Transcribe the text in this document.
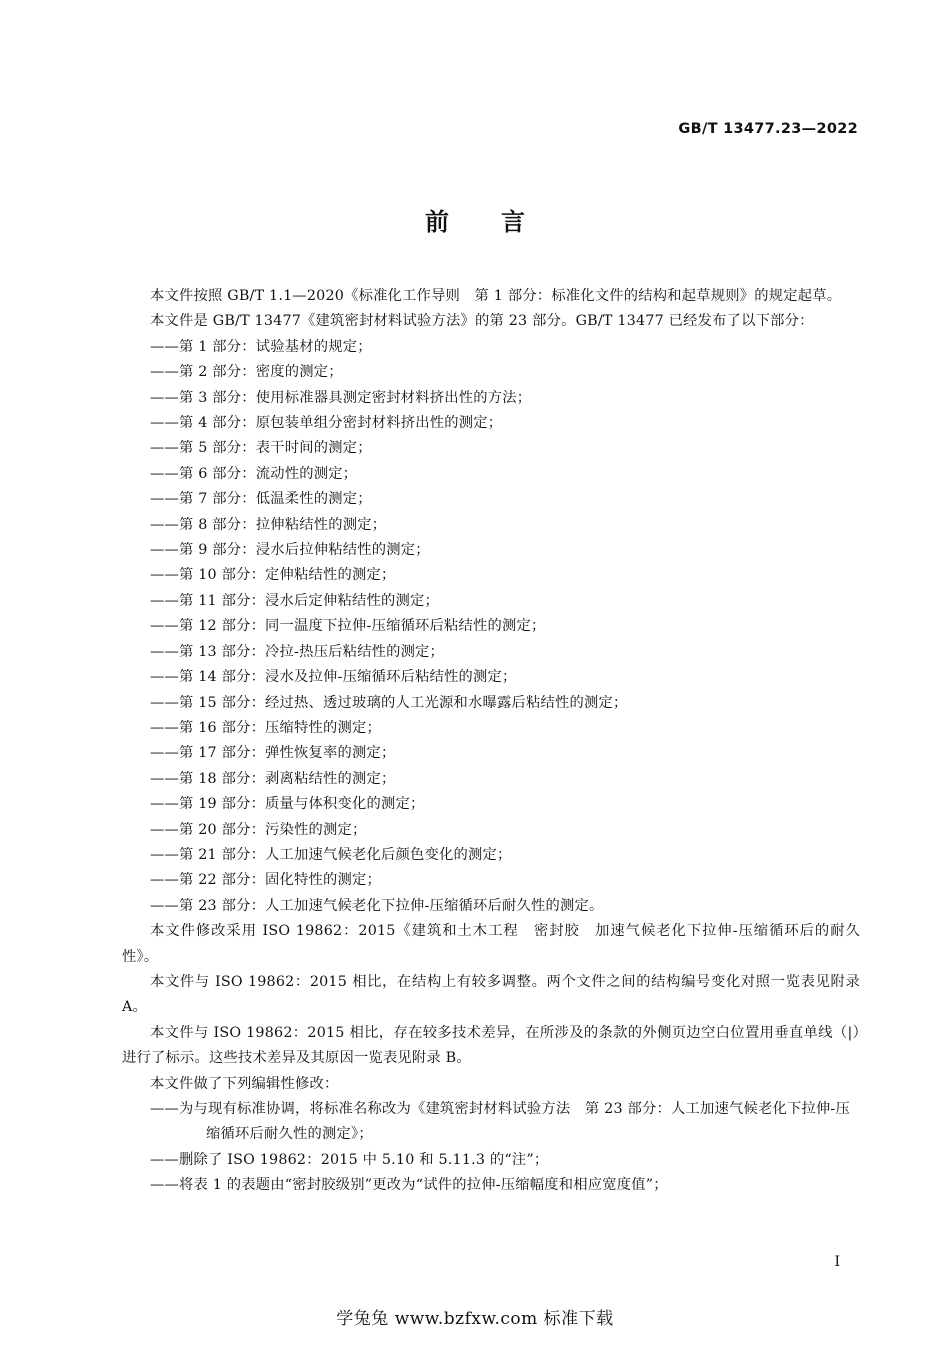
GB/T 13477.23—2022
前言

本文件按照 GB/T 1.1—2020《标准化工作导则　第 1 部分：标准化文件的结构和起草规则》的规定起草。

本文件是 GB/T 13477《建筑密封材料试验方法》的第 23 部分。GB/T 13477 已经发布了以下部分：

——第 1 部分：试验基材的规定；
——第 2 部分：密度的测定；
——第 3 部分：使用标准器具测定密封材料挤出性的方法；
——第 4 部分：原包装单组分密封材料挤出性的测定；
——第 5 部分：表干时间的测定；
——第 6 部分：流动性的测定；
——第 7 部分：低温柔性的测定；
——第 8 部分：拉伸粘结性的测定；
——第 9 部分：浸水后拉伸粘结性的测定；
——第 10 部分：定伸粘结性的测定；
——第 11 部分：浸水后定伸粘结性的测定；
——第 12 部分：同一温度下拉伸-压缩循环后粘结性的测定；
——第 13 部分：冷拉-热压后粘结性的测定；
——第 14 部分：浸水及拉伸-压缩循环后粘结性的测定；
——第 15 部分：经过热、透过玻璃的人工光源和水曝露后粘结性的测定；
——第 16 部分：压缩特性的测定；
——第 17 部分：弹性恢复率的测定；
——第 18 部分：剥离粘结性的测定；
——第 19 部分：质量与体积变化的测定；
——第 20 部分：污染性的测定；
——第 21 部分：人工加速气候老化后颜色变化的测定；
——第 22 部分：固化特性的测定；
——第 23 部分：人工加速气候老化下拉伸-压缩循环后耐久性的测定。

本文件修改采用 ISO 19862：2015《建筑和土木工程　密封胶　加速气候老化下拉伸-压缩循环后的耐久性》。

本文件与 ISO 19862：2015 相比，在结构上有较多调整。两个文件之间的结构编号变化对照一览表见附录 A。

本文件与 ISO 19862：2015 相比，存在较多技术差异，在所涉及的条款的外侧页边空白位置用垂直单线（|）进行了标示。这些技术差异及其原因一览表见附录 B。

本文件做了下列编辑性修改：

——为与现有标准协调，将标准名称改为《建筑密封材料试验方法　第 23 部分：人工加速气候老化下拉伸-压缩循环后耐久性的测定》；
——删除了 ISO 19862：2015 中 5.10 和 5.11.3 的“注”；
——将表 1 的表题由“密封胶级别”更改为“试件的拉伸-压缩幅度和相应宽度值”；
I
学兔兔 www.bzfxw.com 标准下载
